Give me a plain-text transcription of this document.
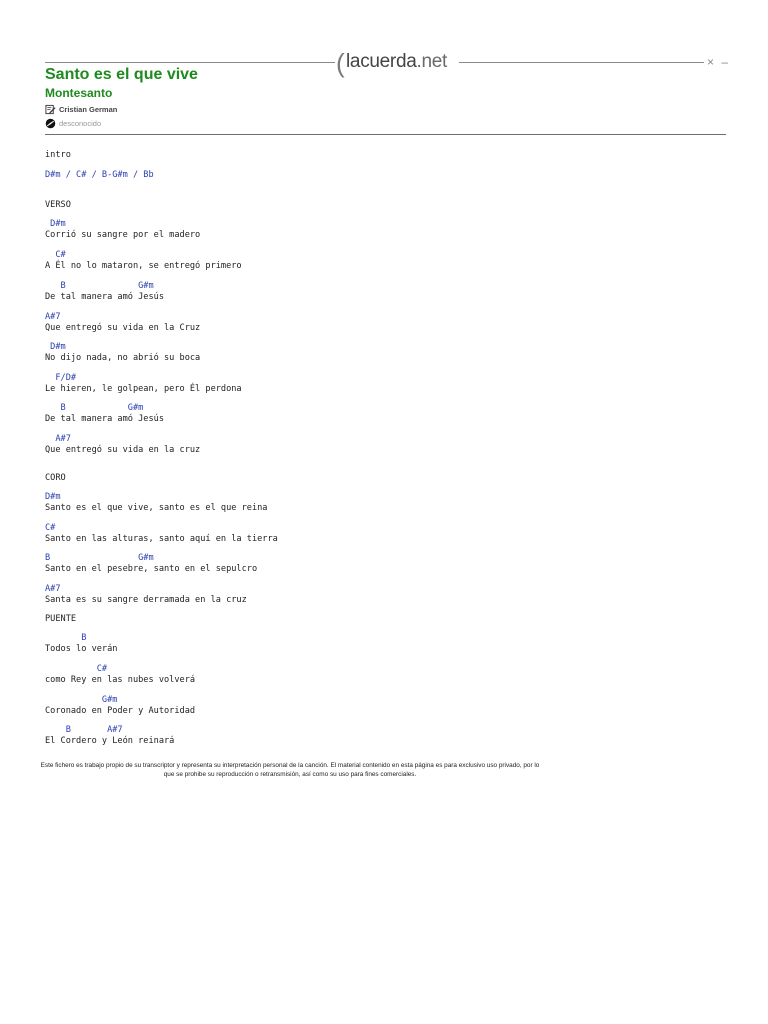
( lacuerda.net	× –
Santo es el que vive
Montesanto
Cristian German
desconocido
intro
D#m / C# / B-G#m / Bb
VERSO
D#m
Corrió su sangre por el madero
C#
A Él no lo mataron, se entregó primero
B              G#m
De tal manera amó Jesús
A#7
Que entregó su vida en la Cruz
D#m
No dijo nada, no abrió su boca
F/D#
Le hieren, le golpean, pero Él perdona
B            G#m
De tal manera amó Jesús
A#7
Que entregó su vida en la cruz
CORO
D#m
Santo es el que vive, santo es el que reina
C#
Santo en las alturas, santo aquí en la tierra
B                 G#m
Santo en el pesebre, santo en el sepulcro
A#7
Santa es su sangre derramada en la cruz
PUENTE
B
Todos lo verán
C#
como Rey en las nubes volverá
G#m
Coronado en Poder y Autoridad
B       A#7
El Cordero y León reinará
Este fichero es trabajo propio de su transcriptor y representa su interpretación personal de la canción. El material contenido en esta página es para exclusivo uso privado, por lo que se prohibe su reproducción o retransmisión, así como su uso para fines comerciales.
